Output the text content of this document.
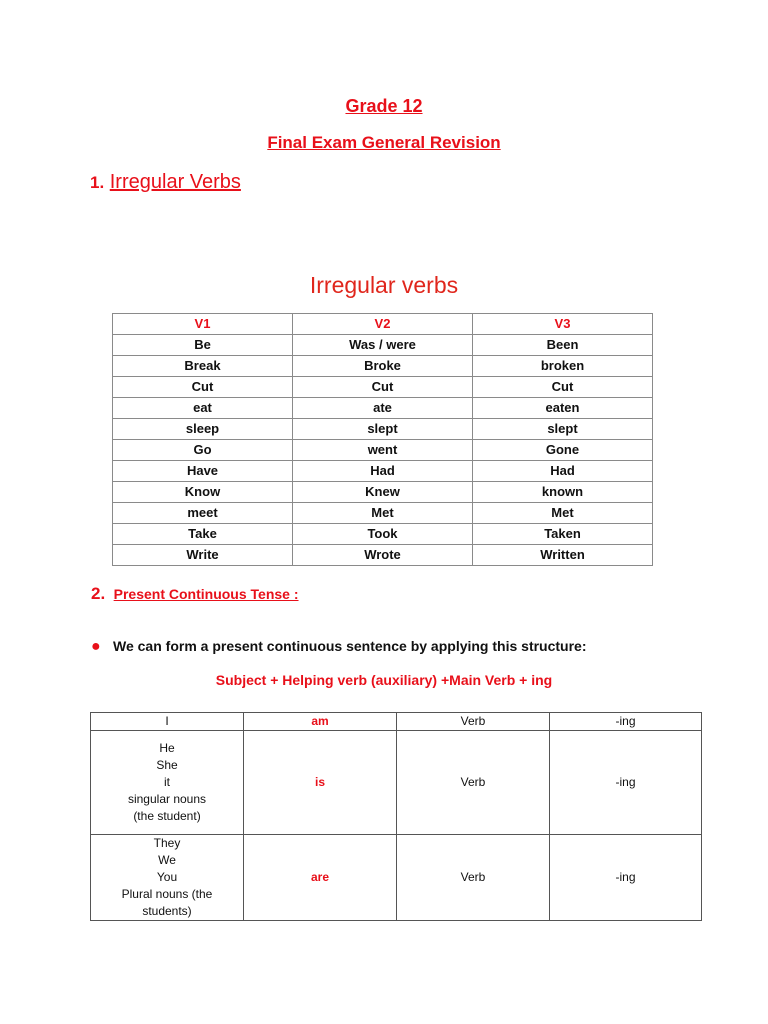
Grade 12
Final Exam General Revision
1. Irregular Verbs
Irregular verbs
V1	V2	V3
Be	Was / were	Been
Break	Broke	broken
Cut	Cut	Cut
eat	ate	eaten
sleep	slept	slept
Go	went	Gone
Have	Had	Had
Know	Knew	known
meet	Met	Met
Take	Took	Taken
Write	Wrote	Written
2. Present Continuous Tense :
● We can form a present continuous sentence by applying this structure:
Subject + Helping verb (auxiliary) +Main Verb + ing
I	am	Verb	-ing

He
She
it
singular nouns
(the student)	is	Verb	-ing

They
We
You
Plural nouns (the
students)	are	Verb	-ing
